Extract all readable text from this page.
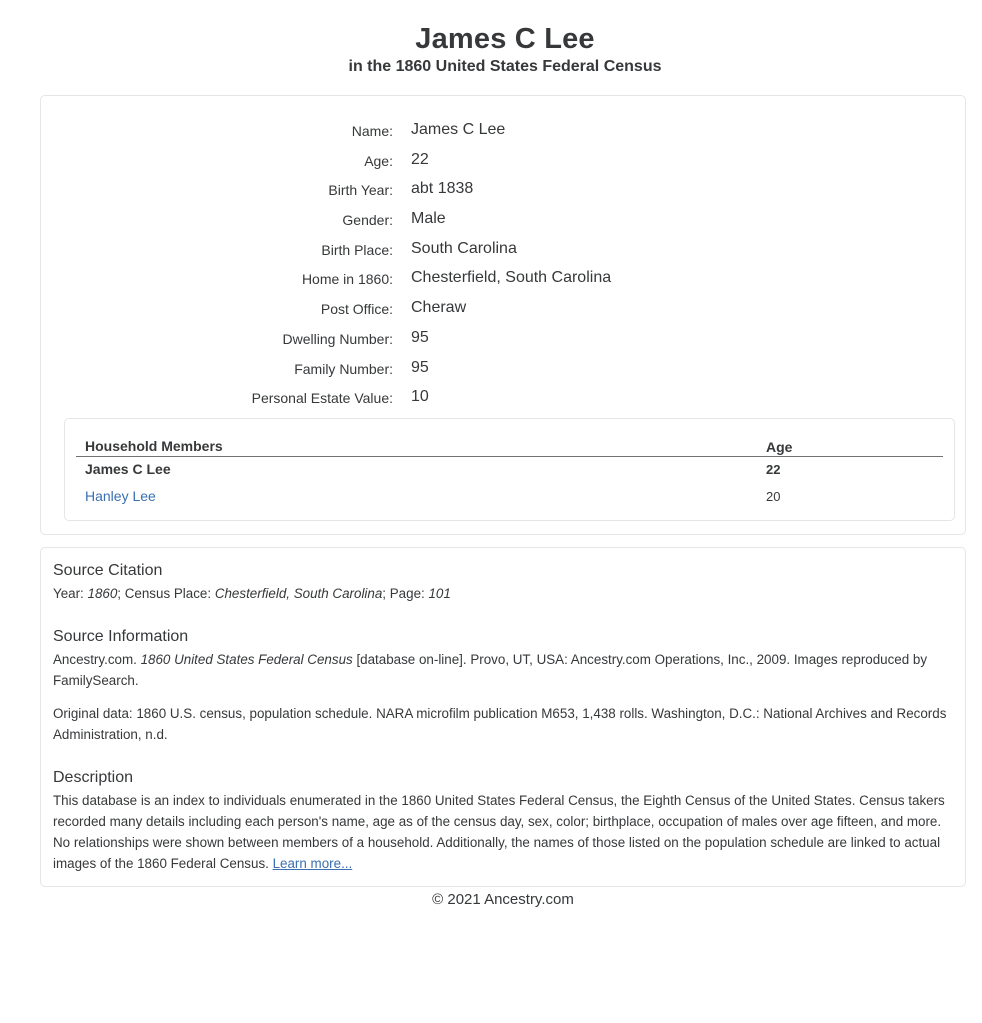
James C Lee
in the 1860 United States Federal Census
Name: James C Lee
Age: 22
Birth Year: abt 1838
Gender: Male
Birth Place: South Carolina
Home in 1860: Chesterfield, South Carolina
Post Office: Cheraw
Dwelling Number: 95
Family Number: 95
Personal Estate Value: 10
Household Members	Age
James C Lee	22
Hanley Lee	20
Source Citation

Year: 1860; Census Place: Chesterfield, South Carolina; Page: 101

Source Information

Ancestry.com. 1860 United States Federal Census [database on-line]. Provo, UT, USA: Ancestry.com Operations, Inc., 2009. Images reproduced by FamilySearch.

Original data: 1860 U.S. census, population schedule. NARA microfilm publication M653, 1,438 rolls. Washington, D.C.: National Archives and Records Administration, n.d.

Description

This database is an index to individuals enumerated in the 1860 United States Federal Census, the Eighth Census of the United States. Census takers recorded many details including each person's name, age as of the census day, sex, color; birthplace, occupation of males over age fifteen, and more. No relationships were shown between members of a household. Additionally, the names of those listed on the population schedule are linked to actual images of the 1860 Federal Census. Learn more...

© 2021 Ancestry.com
